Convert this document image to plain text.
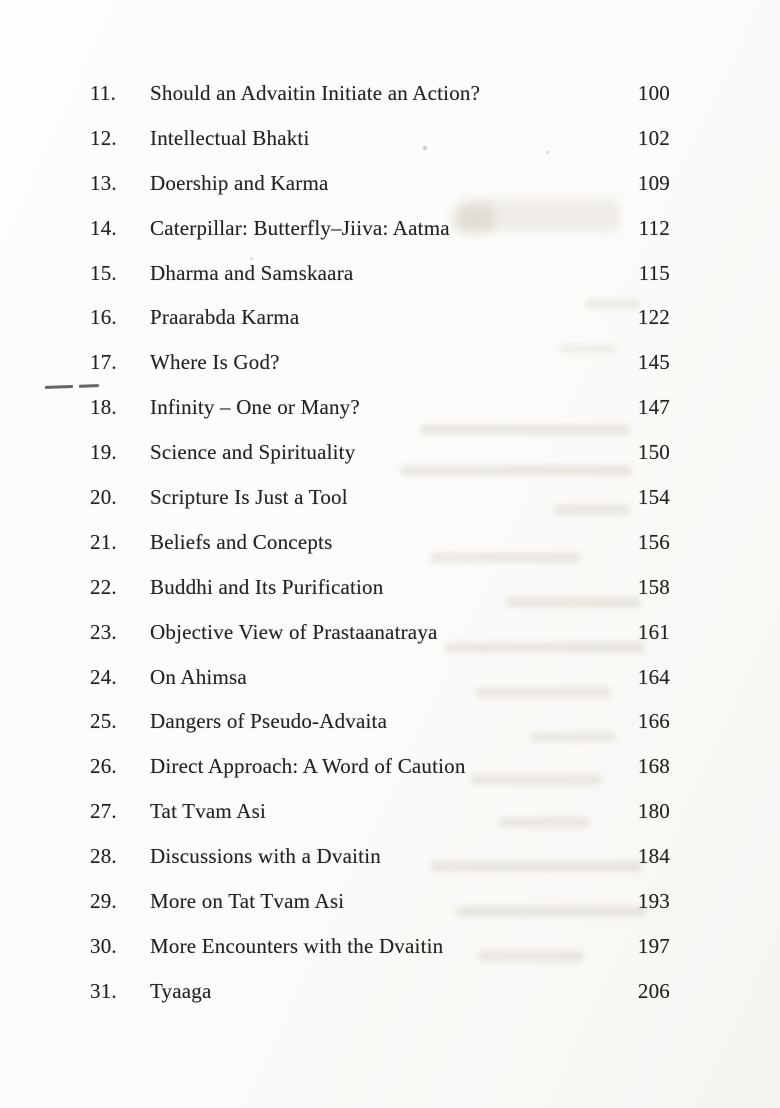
11.	Should an Advaitin Initiate an Action?	100
12.	Intellectual Bhakti	102
13.	Doership and Karma	109
14.	Caterpillar: Butterfly–Jiiva: Aatma	112
15.	Dharma and Samskaara	115
16.	Praarabda Karma	122
17.	Where Is God?	145
18.	Infinity – One or Many?	147
19.	Science and Spirituality	150
20.	Scripture Is Just a Tool	154
21.	Beliefs and Concepts	156
22.	Buddhi and Its Purification	158
23.	Objective View of Prastaanatraya	161
24.	On Ahimsa	164
25.	Dangers of Pseudo-Advaita	166
26.	Direct Approach: A Word of Caution	168
27.	Tat Tvam Asi	180
28.	Discussions with a Dvaitin	184
29.	More on Tat Tvam Asi	193
30.	More Encounters with the Dvaitin	197
31.	Tyaaga	206
